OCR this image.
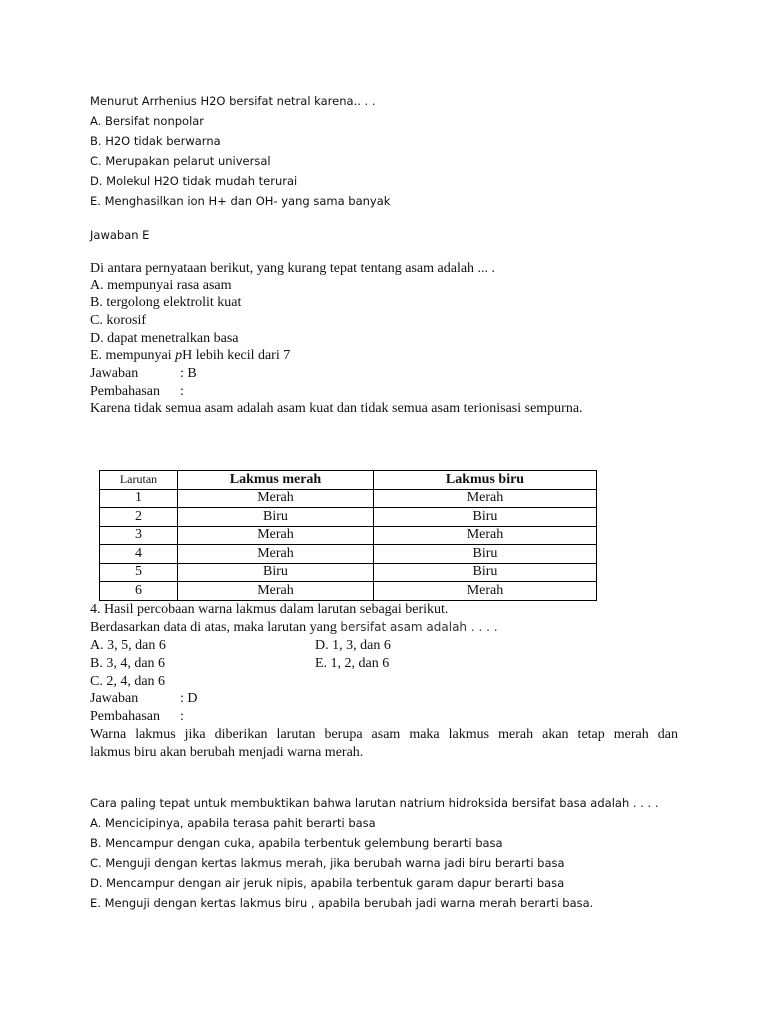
Menurut Arrhenius H2O bersifat netral karena.. . .
A. Bersifat nonpolar
B. H2O tidak berwarna
C. Merupakan pelarut universal
D. Molekul H2O tidak mudah terurai
E. Menghasilkan ion H+ dan OH- yang sama banyak
Jawaban E
Di antara pernyataan berikut, yang kurang tepat tentang asam adalah ... .
A. mempunyai rasa asam
B. tergolong elektrolit kuat
C. korosif
D. dapat menetralkan basa
E. mempunyai pH lebih kecil dari 7
Jawaban	: B
Pembahasan :
Karena tidak semua asam adalah asam kuat dan tidak semua asam terionisasi sempurna.
Larutan	Lakmus merah	Lakmus biru
1	Merah	Merah
2	Biru	Biru
3	Merah	Merah
4	Merah	Biru
5	Biru	Biru
6	Merah	Merah
4. Hasil percobaan warna lakmus dalam larutan sebagai berikut.
Berdasarkan data di atas, maka larutan yang bersifat asam adalah . . . .
A. 3, 5, dan 6	D. 1, 3, dan 6
B. 3, 4, dan 6	E. 1, 2, dan 6
C. 2, 4, dan 6
Jawaban	: D
Pembahasan :
Warna lakmus jika diberikan larutan berupa asam maka lakmus merah akan tetap merah dan
lakmus biru akan berubah menjadi warna merah.
Cara paling tepat untuk membuktikan bahwa larutan natrium hidroksida bersifat basa adalah . . . .
A. Mencicipinya, apabila terasa pahit berarti basa
B. Mencampur dengan cuka, apabila terbentuk gelembung berarti basa
C. Menguji dengan kertas lakmus merah, jika berubah warna jadi biru berarti basa
D. Mencampur dengan air jeruk nipis, apabila terbentuk garam dapur berarti basa
E. Menguji dengan kertas lakmus biru , apabila berubah jadi warna merah berarti basa.
